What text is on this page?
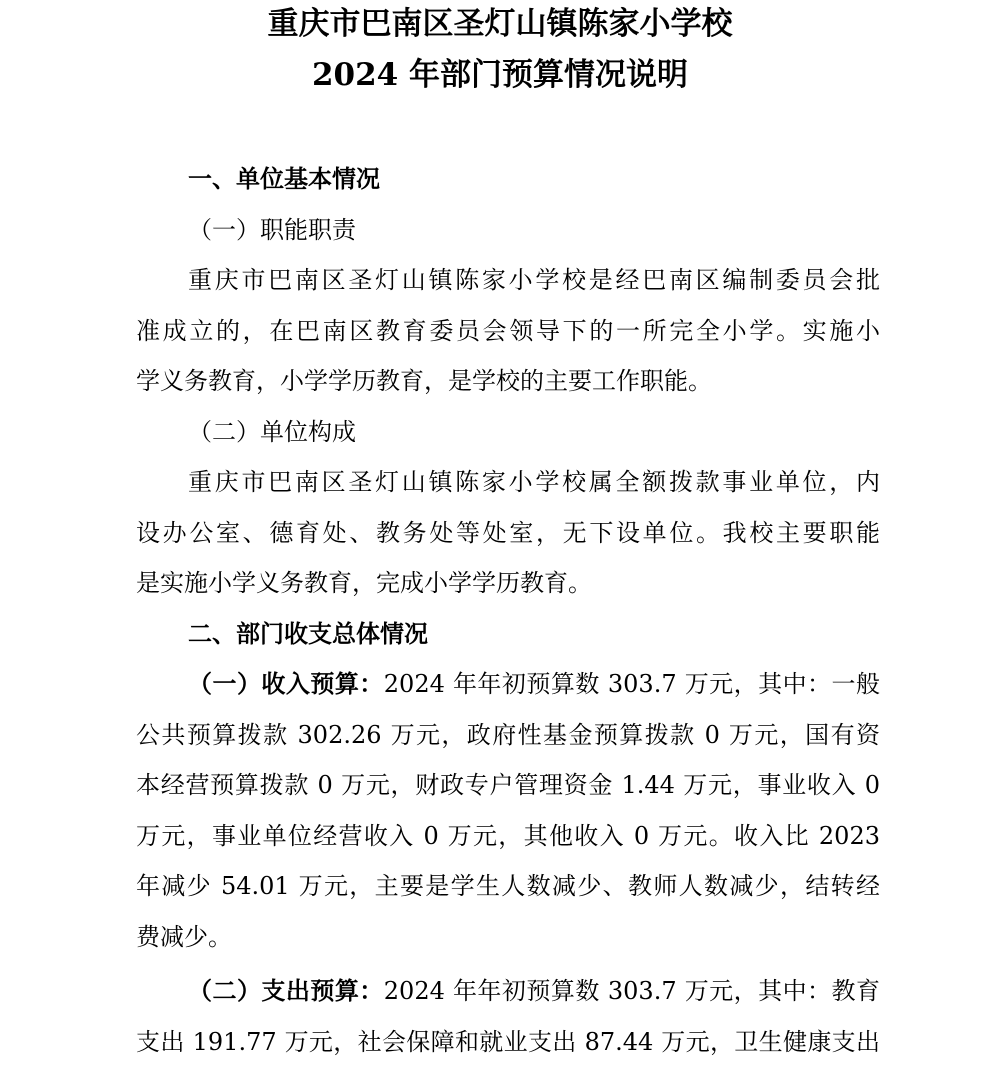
重庆市巴南区圣灯山镇陈家小学校
2024 年部门预算情况说明
一、单位基本情况
（一）职能职责
重庆市巴南区圣灯山镇陈家小学校是经巴南区编制委员会批
准成立的，在巴南区教育委员会领导下的一所完全小学。实施小
学义务教育，小学学历教育，是学校的主要工作职能。
（二）单位构成
重庆市巴南区圣灯山镇陈家小学校属全额拨款事业单位，内
设办公室、德育处、教务处等处室，无下设单位。我校主要职能
是实施小学义务教育，完成小学学历教育。
二、部门收支总体情况
（一）收入预算：2024 年年初预算数 303.7 万元，其中：一般
公共预算拨款 302.26 万元，政府性基金预算拨款 0 万元，国有资
本经营预算拨款 0 万元，财政专户管理资金 1.44 万元，事业收入 0
万元，事业单位经营收入 0 万元，其他收入 0 万元。收入比 2023
年减少 54.01 万元，主要是学生人数减少、教师人数减少，结转经
费减少。
（二）支出预算：2024 年年初预算数 303.7 万元，其中：教育
支出 191.77 万元，社会保障和就业支出 87.44 万元，卫生健康支出
